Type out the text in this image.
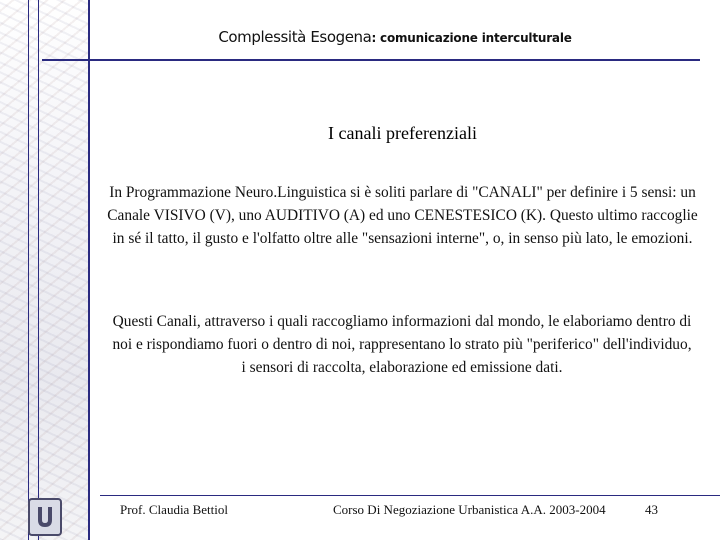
Complessità Esogena: comunicazione interculturale
I canali preferenziali
In Programmazione Neuro.Linguistica si è soliti parlare di "CANALI" per definire i 5 sensi: un Canale VISIVO (V), uno AUDITIVO (A) ed uno CENESTESICO (K). Questo ultimo raccoglie in sé il tatto, il gusto e l'olfatto oltre alle "sensazioni interne", o, in senso più lato, le emozioni.
Questi Canali, attraverso i quali raccogliamo informazioni dal mondo, le elaboriamo dentro di noi e rispondiamo fuori o dentro di noi, rappresentano lo strato più "periferico" dell'individuo, i sensori di raccolta, elaborazione ed emissione dati.
Prof. Claudia Bettiol	Corso Di Negoziazione Urbanistica A.A. 2003-2004	43
